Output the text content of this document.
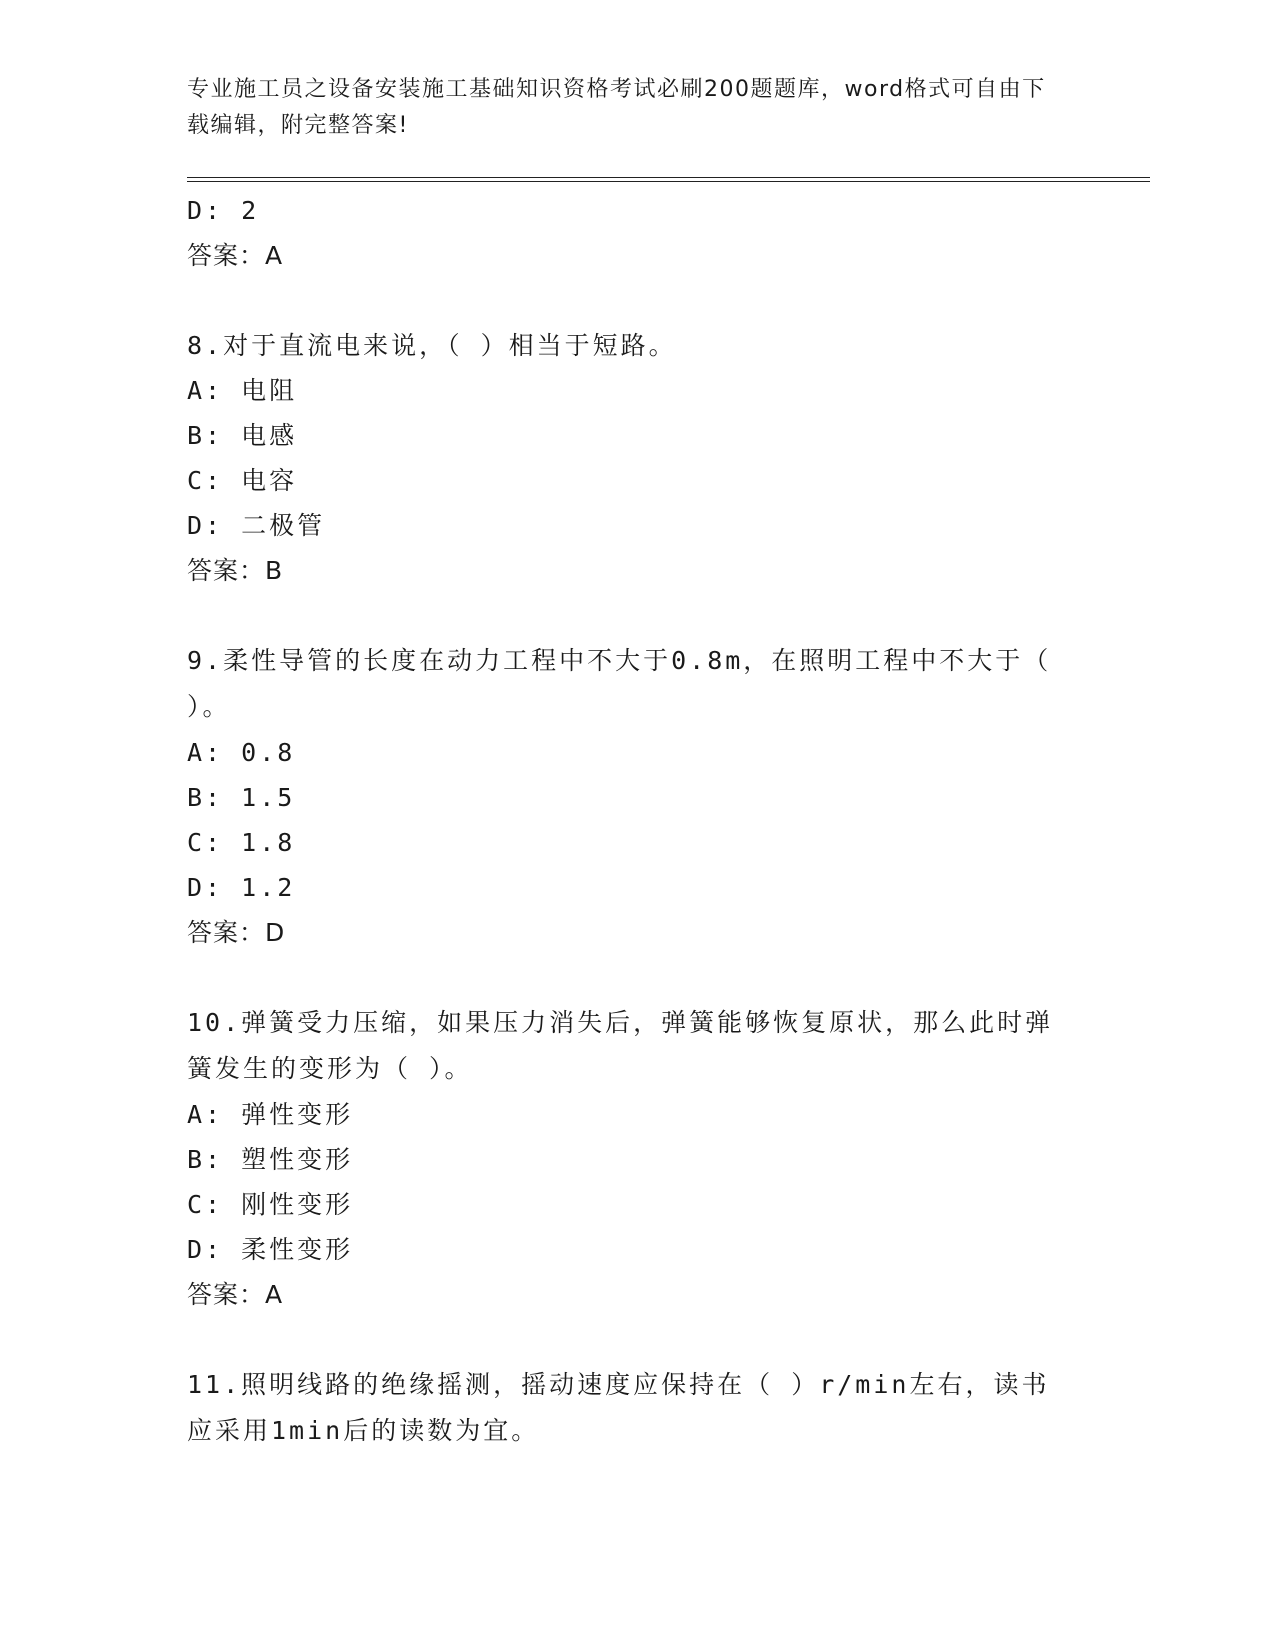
专业施工员之设备安装施工基础知识资格考试必刷200题题库，word格式可自由下载编辑，附完整答案!
D: 2
答案：A
8.对于直流电来说，（ ）相当于短路。
A: 电阻
B: 电感
C: 电容
D: 二极管
答案：B
9.柔性导管的长度在动力工程中不大于0.8m，在照明工程中不大于（ ）。
A: 0.8
B: 1.5
C: 1.8
D: 1.2
答案：D
10.弹簧受力压缩，如果压力消失后，弹簧能够恢复原状，那么此时弹簧发生的变形为（ ）。
A: 弹性变形
B: 塑性变形
C: 刚性变形
D: 柔性变形
答案：A
11.照明线路的绝缘摇测，摇动速度应保持在（ ）r/min左右，读书应采用1min后的读数为宜。
